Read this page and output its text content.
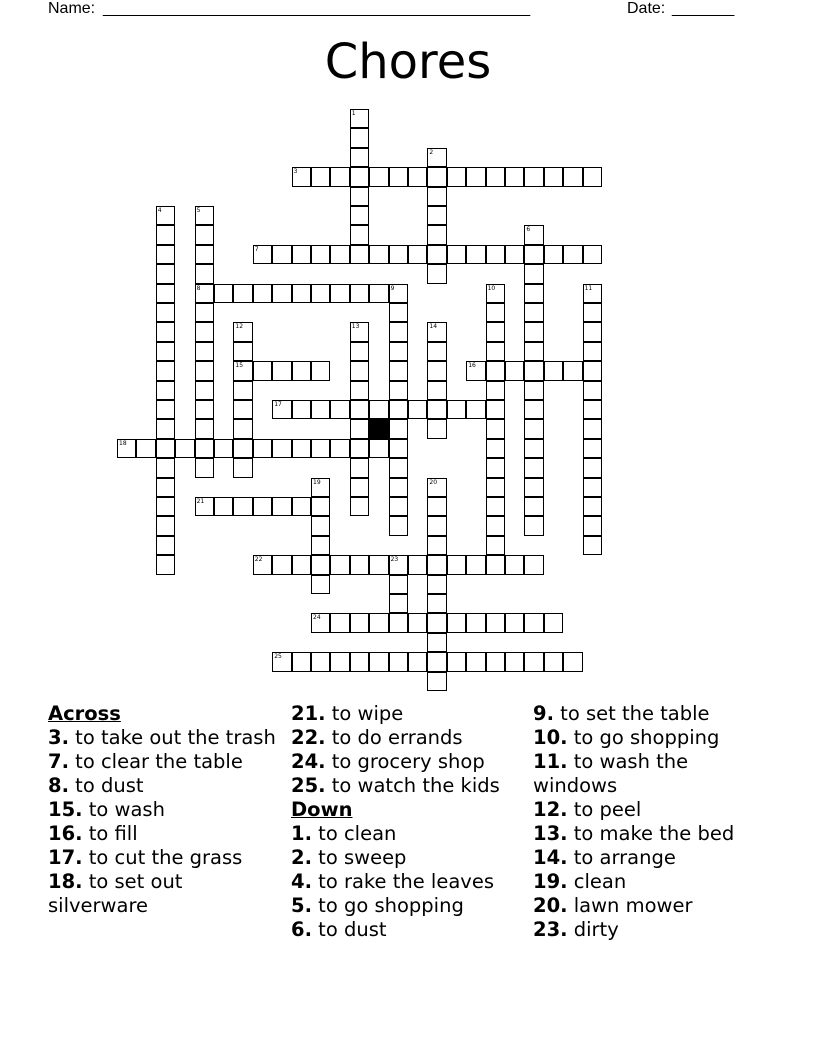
Name: ________________________________________________	Date: _______
Chores
1
2
3
4	5
8
6
7
9	10	11
12
15
13	14
16
17
18
19	20
21
22	23
24
25
Across
3. to take out the trash
7. to clear the table
8. to dust
15. to wash
16. to fill
17. to cut the grass
18. to set out silverware
21. to wipe
22. to do errands
24. to grocery shop
25. to watch the kids
Down
1. to clean
2. to sweep
4. to rake the leaves
5. to go shopping
6. to dust
9. to set the table
10. to go shopping
11. to wash the windows
12. to peel
13. to make the bed
14. to arrange
19. clean
20. lawn mower
23. dirty
